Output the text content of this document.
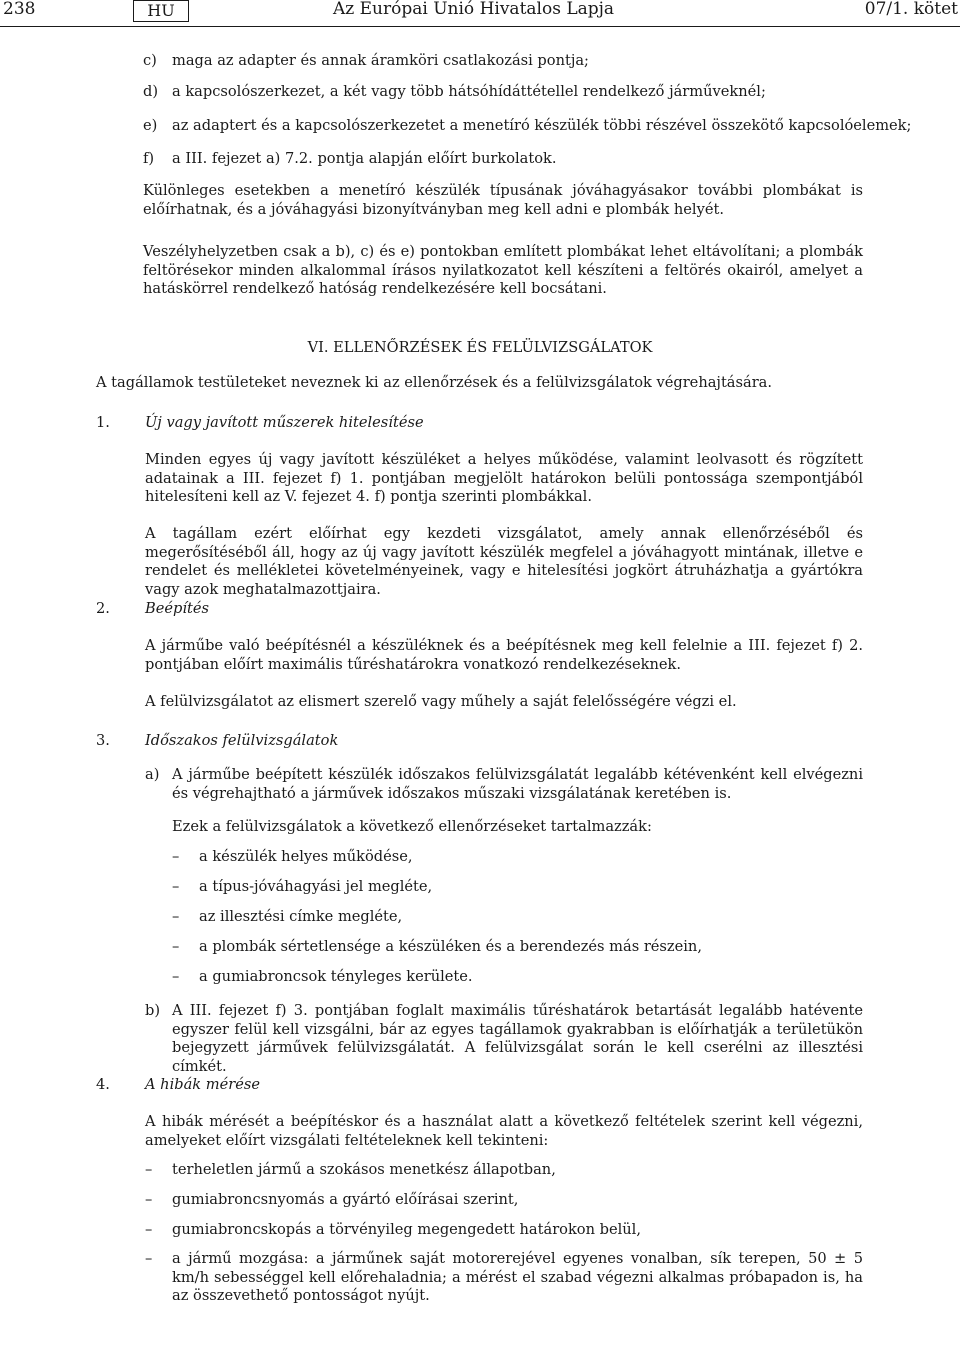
238	HU	Az Európai Unió Hivatalos Lapja	07/1. kötet
c) maga az adapter és annak áramköri csatlakozási pontja;
d) a kapcsolószerkezet, a két vagy több hátsóhídáttétellel rendelkező járműveknél;
e) az adaptert és a kapcsolószerkezetet a menetíró készülék többi részével összekötő kapcsolóelemek;
f) a III. fejezet a) 7.2. pontja alapján előírt burkolatok.

Különleges esetekben a menetíró készülék típusának jóváhagyásakor további plombákat is előírhatnak, és a jóváhagyási bizonyítványban meg kell adni e plombák helyét.

Veszélyhelyzetben csak a b), c) és e) pontokban említett plombákat lehet eltávolítani; a plombák feltörésekor minden alkalommal írásos nyilatkozatot kell készíteni a feltörés okairól, amelyet a hatáskörrel rendelkező hatóság rendelkezésére kell bocsátani.

VI. ELLENŐRZÉSEK ÉS FELÜLVIZSGÁLATOK

A tagállamok testületeket neveznek ki az ellenőrzések és a felülvizsgálatok végrehajtására.

1. Új vagy javított műszerek hitelesítése

Minden egyes új vagy javított készüléket a helyes működése, valamint leolvasott és rögzített adatainak a III. fejezet f) 1. pontjában megjelölt határokon belüli pontossága szempontjából hitelesíteni kell az V. fejezet 4. f) pontja szerinti plombákkal.

A tagállam ezért előírhat egy kezdeti vizsgálatot, amely annak ellenőrzéséből és megerősítéséből áll, hogy az új vagy javított készülék megfelel a jóváhagyott mintának, illetve e rendelet és mellékletei követelményeinek, vagy e hitelesítési jogkört átruházhatja a gyártókra vagy azok meghatalmazottjaira.

2. Beépítés

A járműbe való beépítésnél a készüléknek és a beépítésnek meg kell felelnie a III. fejezet f) 2. pontjában előírt maximális tűréshatárokra vonatkozó rendelkezéseknek.

A felülvizsgálatot az elismert szerelő vagy műhely a saját felelősségére végzi el.

3. Időszakos felülvizsgálatok
a) A járműbe beépített készülék időszakos felülvizsgálatát legalább kétévenként kell elvégezni és végrehajtható a járművek időszakos műszaki vizsgálatának keretében is.

Ezek a felülvizsgálatok a következő ellenőrzéseket tartalmazzák:

– a készülék helyes működése,
– a típus-jóváhagyási jel megléte,
– az illesztési címke megléte,
– a plombák sértetlensége a készüléken és a berendezés más részein,
– a gumiabroncsok tényleges kerülete.
b) A III. fejezet f) 3. pontjában foglalt maximális tűréshatárok betartását legalább hatévente egyszer felül kell vizsgálni, bár az egyes tagállamok gyakrabban is előírhatják a területükön bejegyzett járművek felülvizsgálatát. A felülvizsgálat során le kell cserélni az illesztési címkét.

4. A hibák mérése

A hibák mérését a beépítéskor és a használat alatt a következő feltételek szerint kell végezni, amelyeket előírt vizsgálati feltételeknek kell tekinteni:

– terheletlen jármű a szokásos menetkész állapotban,
– gumiabroncsnyomás a gyártó előírásai szerint,
– gumiabroncskopás a törvényileg megengedett határokon belül,
– a jármű mozgása: a járműnek saját motorerejével egyenes vonalban, sík terepen, 50 ± 5 km/h sebességgel kell előrehaladnia; a mérést el szabad végezni alkalmas próbapadon is, ha az összevethető pontosságot nyújt.
